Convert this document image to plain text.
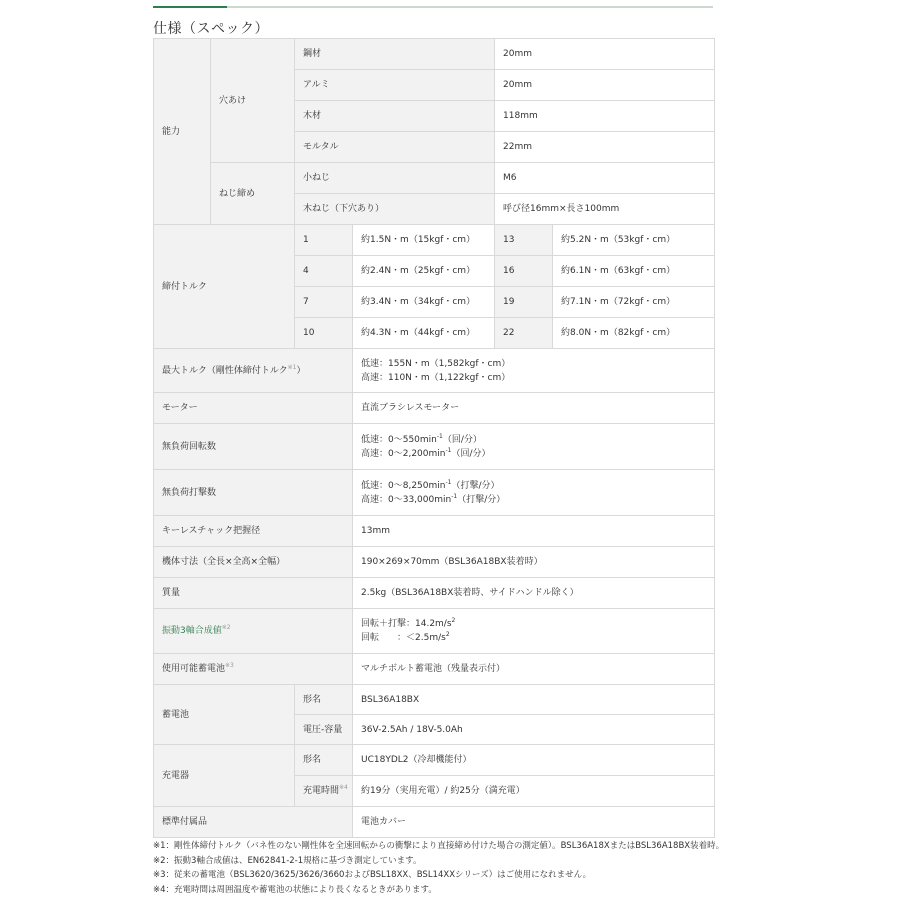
仕様（スペック）
能力	穴あけ	鋼材		20mm	
		アルミ		20mm	
		木材		118mm	
		モルタル		22mm	
	ねじ締め	小ねじ		M6	
		木ねじ（下穴あり）		呼び径16mm×長さ100mm	
締付トルク		1	約1.5N・m（15kgf・cm）	13	約5.2N・m（53kgf・cm）
		4	約2.4N・m（25kgf・cm）	16	約6.1N・m（63kgf・cm）
		7	約3.4N・m（34kgf・cm）	19	約7.1N・m（72kgf・cm）
		10	約4.3N・m（44kgf・cm）	22	約8.0N・m（82kgf・cm）
最大トルク（剛性体締付トルク$^{※1}$）			低速：155N・m（1,582kgf・cm）
高速：110N・m（1,122kgf・cm）		

モーター			直流ブラシレスモーター		
無負荷回転数			低速：$0\sim 550\min^{-1}$（回/分）
高速：$0\sim 2,200\min^{-1}$（回/分）		

無負荷打撃数			低速：$0\sim 8,250\min^{-1}$（打撃/分）
高速：$0\sim 33,000\min^{-1}$（打撃/分）		

キーレスチャック把握径			13mm		
機体寸法（全長×全高×全幅）			190×269×70mm（BSL36A18BX装着時）		
質量			2.5kg（BSL36A18BX装着時、サイドハンドル除く）		
振動3軸合成値$^{※2}$			回転＋打撃：$14.2m/s^2$
回転　　：$<2.5m/s^2$

使用可能蓄電池$^{※3}$			マルチボルト蓄電池（残量表示付）		
蓄電池		形名	BSL36A18BX		
		電圧-容量	36V-2.5Ah / 18V-5.0Ah		
充電器		形名	UC18YDL2（冷却機能付）		
		充電時間$^{※4}$	約19分（実用充電）/ 約25分（満充電）		
標準付属品			電池カバー		
※1：剛性体締付トルク（バネ性のない剛性体を全速回転からの衝撃により直接締め付けた場合の測定値）。BSL36A18XまたはBSL36A18BX装着時。
※2：振動3軸合成値は、EN62841-2-1規格に基づき測定しています。
※3：従来の蓄電池（BSL3620/3625/3626/3660およびBSL18XX、BSL14XXシリーズ）はご使用になれません。
※4：充電時間は周囲温度や蓄電池の状態により長くなるときがあります。
